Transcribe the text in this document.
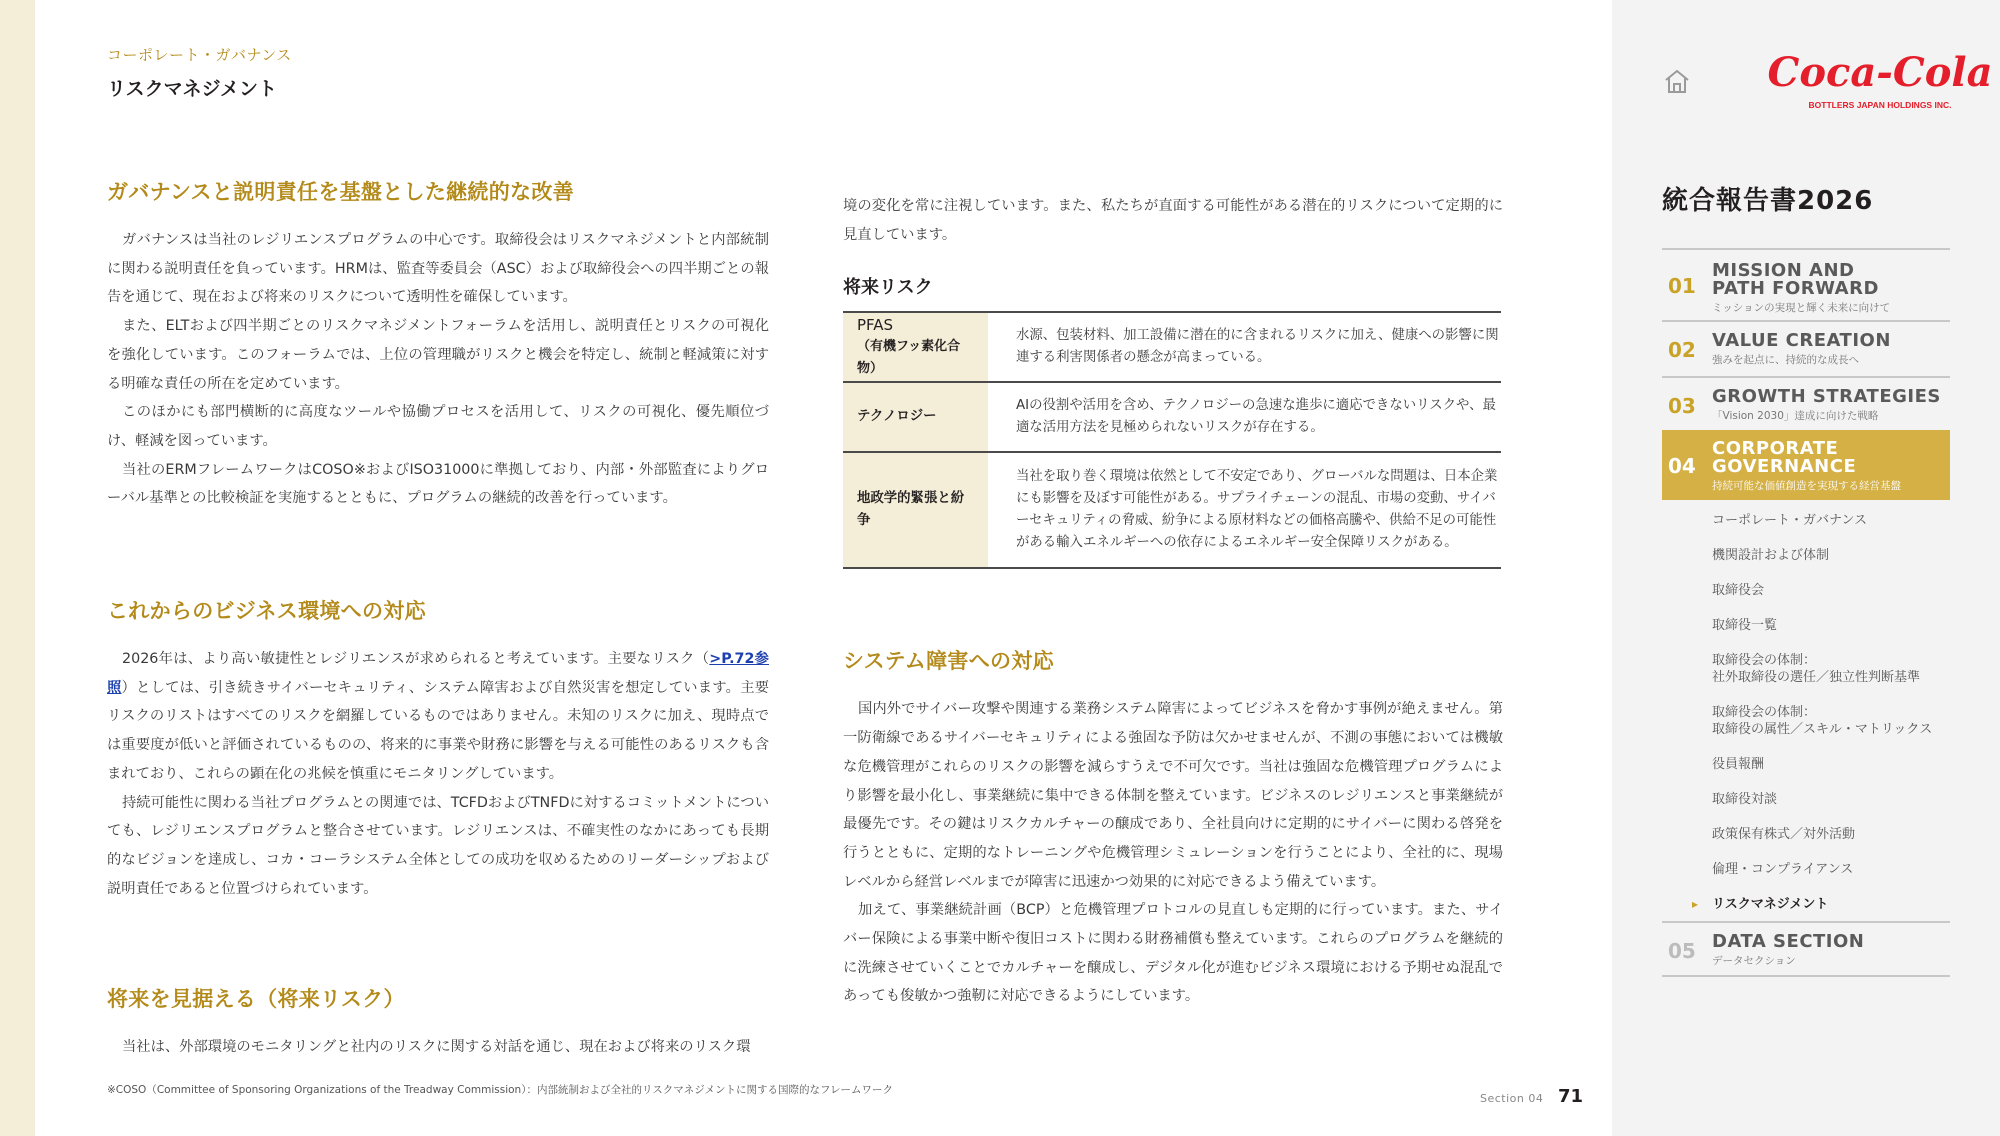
コーポレート・ガバナンス
リスクマネジメント
ガバナンスと説明責任を基盤とした継続的な改善

ガバナンスは当社のレジリエンスプログラムの中心です。取締役会はリスクマネジメントと内部統制に関わる説明責任を負っています。HRMは、監査等委員会（ASC）および取締役会への四半期ごとの報告を通じて、現在および将来のリスクについて透明性を確保しています。

また、ELTおよび四半期ごとのリスクマネジメントフォーラムを活用し、説明責任とリスクの可視化を強化しています。このフォーラムでは、上位の管理職がリスクと機会を特定し、統制と軽減策に対する明確な責任の所在を定めています。

このほかにも部門横断的に高度なツールや協働プロセスを活用して、リスクの可視化、優先順位づけ、軽減を図っています。

当社のERMフレームワークはCOSO※およびISO31000に準拠しており、内部・外部監査によりグローバル基準との比較検証を実施するとともに、プログラムの継続的改善を行っています。

これからのビジネス環境への対応

2026年は、より高い敏捷性とレジリエンスが求められると考えています。主要なリスク（>P.72参照）としては、引き続きサイバーセキュリティ、システム障害および自然災害を想定しています。主要リスクのリストはすべてのリスクを網羅しているものではありません。未知のリスクに加え、現時点では重要度が低いと評価されているものの、将来的に事業や財務に影響を与える可能性のあるリスクも含まれており、これらの顕在化の兆候を慎重にモニタリングしています。

持続可能性に関わる当社プログラムとの関連では、TCFDおよびTNFDに対するコミットメントについても、レジリエンスプログラムと整合させています。レジリエンスは、不確実性のなかにあっても長期的なビジョンを達成し、コカ・コーラシステム全体としての成功を収めるためのリーダーシップおよび説明責任であると位置づけられています。

将来を見据える（将来リスク）

当社は、外部環境のモニタリングと社内のリスクに関する対話を通じ、現在および将来のリスク環

境の変化を常に注視しています。また、私たちが直面する可能性がある潜在的リスクについて定期的に見直しています。

将来リスク
PFAS
（有機フッ素化合物）	水源、包装材料、加工設備に潜在的に含まれるリスクに加え、健康への影響に関連する利害関係者の懸念が高まっている。
テクノロジー	AIの役割や活用を含め、テクノロジーの急速な進歩に適応できないリスクや、最適な活用方法を見極められないリスクが存在する。
地政学的緊張と紛争	当社を取り巻く環境は依然として不安定であり、グローバルな問題は、日本企業にも影響を及ぼす可能性がある。サプライチェーンの混乱、市場の変動、サイバーセキュリティの脅威、紛争による原材料などの価格高騰や、供給不足の可能性がある輸入エネルギーへの依存によるエネルギー安全保障リスクがある。
システム障害への対応

国内外でサイバー攻撃や関連する業務システム障害によってビジネスを脅かす事例が絶えません。第一防衛線であるサイバーセキュリティによる強固な予防は欠かせませんが、不測の事態においては機敏な危機管理がこれらのリスクの影響を減らすうえで不可欠です。当社は強固な危機管理プログラムにより影響を最小化し、事業継続に集中できる体制を整えています。ビジネスのレジリエンスと事業継続が最優先です。その鍵はリスクカルチャーの醸成であり、全社員向けに定期的にサイバーに関わる啓発を行うとともに、定期的なトレーニングや危機管理シミュレーションを行うことにより、全社的に、現場レベルから経営レベルまでが障害に迅速かつ効果的に対応できるよう備えています。

加えて、事業継続計画（BCP）と危機管理プロトコルの見直しも定期的に行っています。また、サイバー保険による事業中断や復旧コストに関わる財務補償も整えています。これらのプログラムを継続的に洗練させていくことでカルチャーを醸成し、デジタル化が進むビジネス環境における予期せぬ混乱であっても俊敏かつ強靭に対応できるようにしています。

※COSO（Committee of Sponsoring Organizations of the Treadway Commission）：内部統制および全社的リスクマネジメントに関する国際的なフレームワーク
Section 04 71
Coca-Cola
BOTTLERS JAPAN HOLDINGS INC.
統合報告書2026
01
MISSION AND
PATH FORWARD
ミッションの実現と輝く未来に向けて
02 VALUE CREATION
強みを起点に、持続的な成長へ
03 GROWTH STRATEGIES
「Vision 2030」達成に向けた戦略
04
CORPORATE
GOVERNANCE
持続可能な価値創造を実現する経営基盤
コーポレート・ガバナンス
機関設計および体制
取締役会
取締役一覧
取締役会の体制：
社外取締役の選任／独立性判断基準
取締役会の体制：
取締役の属性／スキル・マトリックス
役員報酬
取締役対談
政策保有株式／対外活動
倫理・コンプライアンス
▸ リスクマネジメント
05 DATA SECTION
データセクション
